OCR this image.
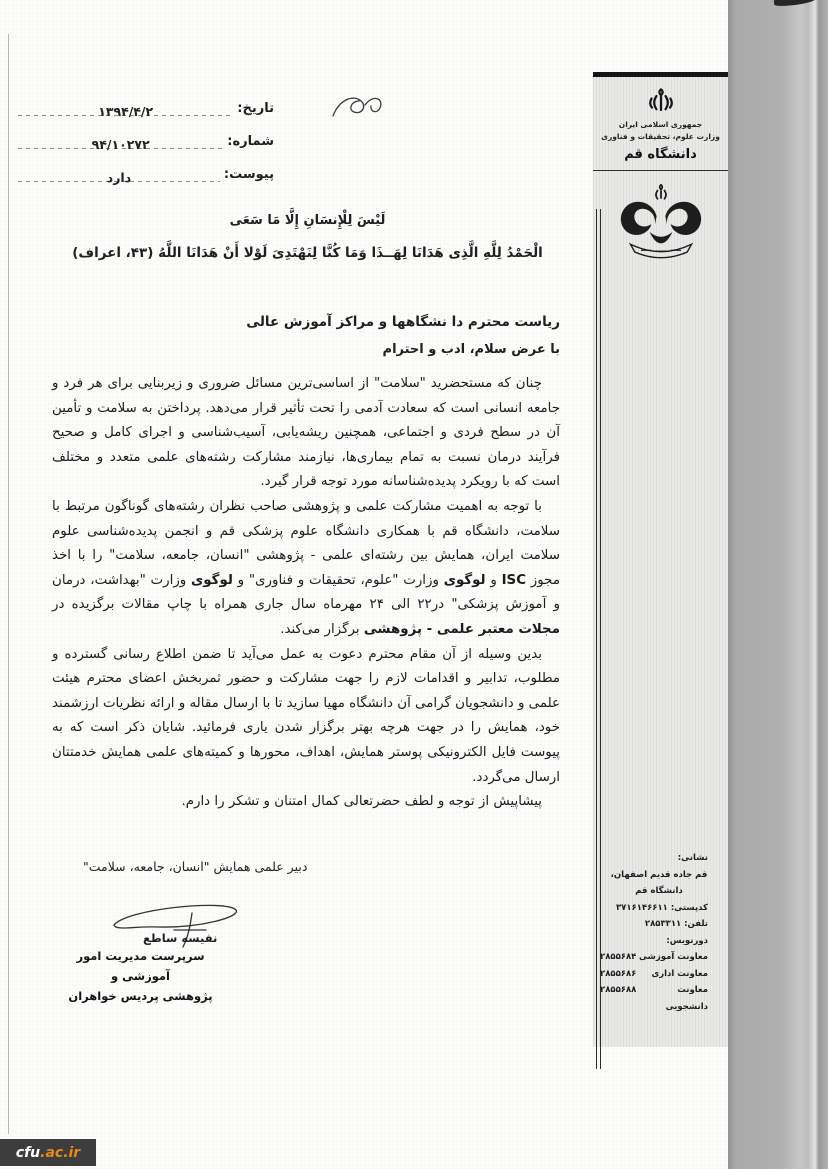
جمهوری اسلامی ایران
وزارت علوم، تحقیقات و فناوری
دانشگاه قم
نشانی:
قم جاده قدیم اصفهان،
دانشگاه قم
کدپستی: ۳۷۱۶۱۴۶۶۱۱
تلفن: ۲۸۵۳۳۱۱
دورنویس:
معاونت آموزشی
۲۸۵۵۶۸۴
معاونت اداری
۲۸۵۵۶۸۶
معاونت دانشجویی
۲۸۵۵۶۸۸
تاریخ:
۱۳۹۴/۴/۲
شماره:
۹۴/۱۰۲۷۲
پیوست:
دارد
لَیْسَ لِلْإِنسَانِ إِلَّا مَا سَعَی
الْحَمْدُ لِلَّهِ الَّذِی هَدَانَا لِهَــذَا وَمَا کُنَّا لِنَهْتَدِیَ لَوْلا أَنْ هَدَانَا اللَّهُ (۴۳، اعراف)
ریاست محترم دا نشگاهها و مراکز آموزش عالی
با عرض سلام، ادب و احترام

چنان که مستحضرید "سلامت" از اساسی‌ترین مسائل ضروری و زیربنایی برای هر فرد و جامعه انسانی است که سعادت آدمی را تحت تأثیر قرار می‌دهد. پرداختن به سلامت و تأمین آن در سطح فردی و اجتماعی، همچنین ریشه‌یابی، آسیب‌شناسی و اجرای کامل و صحیح فرآیند درمان نسبت به تمام بیماری‌ها، نیازمند مشارکت رشته‌های علمی متعدد و مختلف است که با رویکرد پدیده‌شناسانه مورد توجه قرار گیرد.

با توجه به اهمیت مشارکت علمی و پژوهشی صاحب نظران رشته‌های گوناگون مرتبط با سلامت، دانشگاه قم با همکاری دانشگاه علوم پزشکی قم و انجمن پدیده‌شناسی علوم سلامت ایران، همایش بین رشته‌ای علمی - پژوهشی "انسان، جامعه، سلامت" را با اخذ مجوز ISC و لوگوی وزارت "علوم، تحقیقات و فناوری" و لوگوی وزارت "بهداشت، درمان و آموزش پزشکی" در۲۲ الی ۲۴ مهرماه سال جاری همراه با چاپ مقالات برگزیده در مجلات معتبر علمی - پژوهشی برگزار می‌کند.

بدین وسیله از آن مقام محترم دعوت به عمل می‌آید تا ضمن اطلاع رسانی گسترده و مطلوب، تدابیر و اقدامات لازم را جهت مشارکت و حضور ثمربخش اعضای محترم هیئت علمی و دانشجویان گرامی آن دانشگاه مهیا سازید تا با ارسال مقاله و ارائه نظریات ارزشمند خود، همایش را در جهت هرچه بهتر برگزار شدن یاری فرمائید. شایان ذکر است که به پیوست فایل الکترونیکی پوستر همایش، اهداف، محورها و کمیته‌های علمی همایش خدمتتان ارسال می‌گردد.

پیشاپیش از توجه و لطف حضرتعالی کمال امتنان و تشکر را دارم.

دبیر علمی همایش "انسان، جامعه، سلامت"
نفیسه ساطع
سرپرست مدیریت امور آموزشی و
پژوهشی پردیس خواهران
cfu .ac.ir
